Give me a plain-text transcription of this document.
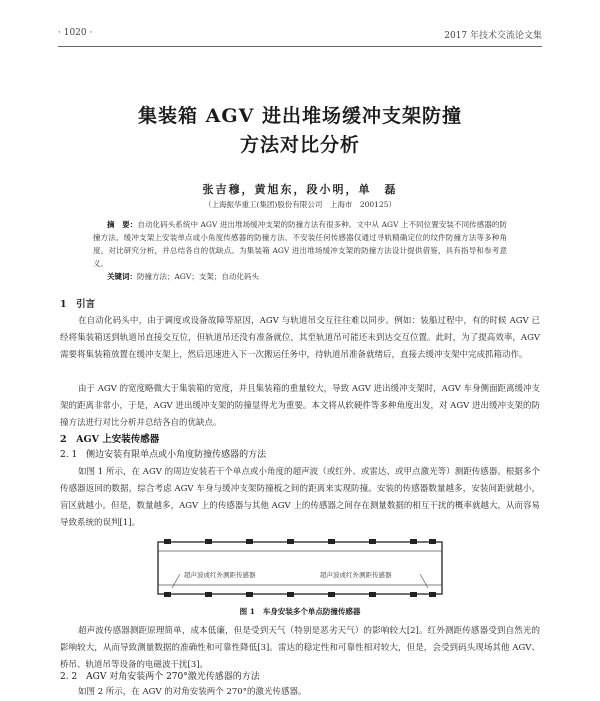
· 1020 ·	2017 年技术交流论文集
集装箱 AGV 进出堆场缓冲支架防撞
方法对比分析
张吉穆，黄旭东，段小明，单　磊
（上海振华重工(集团)股份有限公司　上海市　200125）
摘　要：自动化码头系统中 AGV 进出堆场缓冲支架的防撞方法有很多种。文中从 AGV 上不同位置安装不同传感器的防撞方法、缓冲支架上安装单点或小角度传感器的防撞方法、不安装任何传感器仅通过寻轨精确定位的纹件防撞方法等多种角度，对比研究分析，并总结各自的优缺点。为集装箱 AGV 进出堆场缓冲支架的防撞方法设计提供借鉴，具有指导和参考意义。
关键词：防撞方法；AGV；支架；自动化码头
1　引言
在自动化码头中，由于调度或设备故障等原因，AGV 与轨道吊交互往往难以同步。例如：装船过程中，有的时候 AGV 已经将集装箱送到轨道吊直接交互位，但轨道吊还没有准备就位，其至轨道吊可能还未到达交互位置。此时，为了提高效率，AGV 需要将集装箱放置在缓冲支架上，然后迅速进入下一次搬运任务中，待轨道吊准备就绪后，直接去缓冲支架中完成抓箱动作。
由于 AGV 的宽度略微大于集装箱的宽度，并且集装箱的重量较大，导致 AGV 进出缓冲支架时，AGV 车身侧面距离缓冲支架的距离非常小，于是，AGV 进出缓冲支架的防撞显得尤为重要。本文将从软硬件等多种角度出发，对 AGV 进出缓冲支架的防撞方法进行对比分析并总结各自的优缺点。
2　AGV 上安装传感器
2. 1　侧边安装有限单点或小角度防撞传感器的方法
如图 1 所示，在 AGV 的周边安装若干个单点或小角度的超声波（或红外、或雷达、或甲点激光等）测距传感器。根据多个传感器返回的数据，综合考虑 AGV 车身与缓冲支架防撞板之间的距离来实现防撞。安装的传感器数量越多，安装间距就越小，盲区就越小。但是，数量越多，AGV 上的传感器与其他 AGV 上的传感器之间存在测量数据的相互干扰的概率就越大，从而容易导致系统的误判[1]。
超声波或红外测距传感器	超声波或红外测距传感器
图 1 车身安装多个单点防撞传感器
超声波传感器测距原理简单，成本低廉，但是受到天气（特别是恶劣天气）的影响较大[2]。红外测距传感器受到自然光的影响较大，从而导致测量数据的准确性和可靠性降低[3]。雷达的稳定性和可靠性相对较大，但是，会受到码头现场其他 AGV、桥吊、轨道吊等设备的电磁波干扰[3]。
2. 2　AGV 对角安装两个 270°激光传感器的方法
如图 2 所示，在 AGV 的对角安装两个 270°的激光传感器。
